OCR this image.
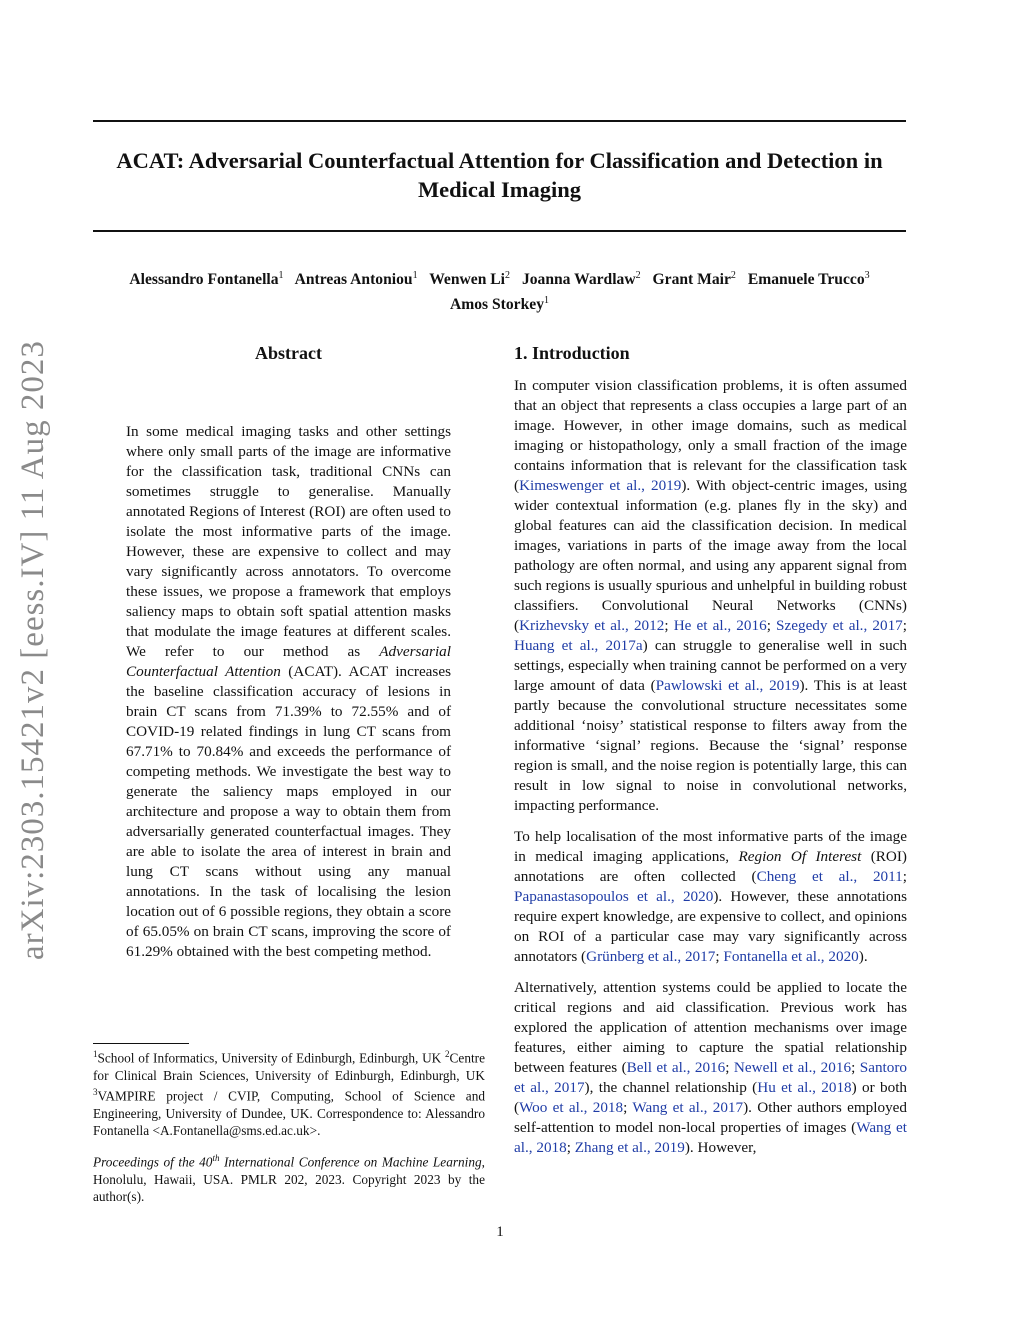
ACAT: Adversarial Counterfactual Attention for Classification and Detection in Medical Imaging
Alessandro Fontanella$^1$ Antreas Antoniou$^1$ Wenwen Li$^2$ Joanna Wardlaw$^2$ Grant Mair$^2$ Emanuele Trucco$^3$
Amos Storkey$^1$
arXiv:2303.15421v2 [eess.IV] 11 Aug 2023	Abstract
In some medical imaging tasks and other settings where only small parts of the image are informative for the classification task, traditional CNNs can sometimes struggle to generalise. Manually annotated Regions of Interest (ROI) are often used to isolate the most informative parts of the image. However, these are expensive to collect and may vary significantly across annotators. To overcome these issues, we propose a framework that employs saliency maps to obtain soft spatial attention masks that modulate the image features at different scales. We refer to our method as Adversarial Counterfactual Attention (ACAT). ACAT increases the baseline classification accuracy of lesions in brain CT scans from 71.39% to 72.55% and of COVID-19 related findings in lung CT scans from 67.71% to 70.84% and exceeds the performance of competing methods. We investigate the best way to generate the saliency maps employed in our architecture and propose a way to obtain them from adversarially generated counterfactual images. They are able to isolate the area of interest in brain and lung CT scans without using any manual annotations. In the task of localising the lesion location out of 6 possible regions, they obtain a score of 65.05% on brain CT scans, improving the score of 61.29% obtained with the best competing method.
1. Introduction

In computer vision classification problems, it is often assumed that an object that represents a class occupies a large part of an image. However, in other image domains, such as medical imaging or histopathology, only a small fraction of the image contains information that is relevant for the classification task (Kimeswenger et al., 2019). With object-centric images, using wider contextual information (e.g. planes fly in the sky) and global features can aid the classification decision. In medical images, variations in parts of the image away from the local pathology are often normal, and using any apparent signal from such regions is usually spurious and unhelpful in building robust classifiers. Convolutional Neural Networks (CNNs) (Krizhevsky et al., 2012; He et al., 2016; Szegedy et al., 2017; Huang et al., 2017a) can struggle to generalise well in such settings, especially when training cannot be performed on a very large amount of data (Pawlowski et al., 2019). This is at least partly because the convolutional structure necessitates some additional ‘noisy’ statistical response to filters away from the informative ‘signal’ regions. Because the ‘signal’ response region is small, and the noise region is potentially large, this can result in low signal to noise in convolutional networks, impacting performance.

To help localisation of the most informative parts of the image in medical imaging applications, Region Of Interest (ROI) annotations are often collected (Cheng et al., 2011; Papanastasopoulos et al., 2020). However, these annotations require expert knowledge, are expensive to collect, and opinions on ROI of a particular case may vary significantly across annotators (Grünberg et al., 2017; Fontanella et al., 2020).

Alternatively, attention systems could be applied to locate the critical regions and aid classification. Previous work has explored the application of attention mechanisms over image features, either aiming to capture the spatial relationship between features (Bell et al., 2016; Newell et al., 2016; Santoro et al., 2017), the channel relationship (Hu et al., 2018) or both (Woo et al., 2018; Wang et al., 2017). Other authors employed self-attention to model non-local properties of images (Wang et al., 2018; Zhang et al., 2019). However,

$^1$School of Informatics, University of Edinburgh, Edinburgh, UK $^2$Centre for Clinical Brain Sciences, University of Edinburgh, Edinburgh, UK $^3$VAMPIRE project / CVIP, Computing, School of Science and Engineering, University of Dundee, UK. Correspondence to: Alessandro Fontanella <A.Fontanella@sms.ed.ac.uk>.
Proceedings of the 40th International Conference on Machine Learning, Honolulu, Hawaii, USA. PMLR 202, 2023. Copyright 2023 by the author(s).
1
